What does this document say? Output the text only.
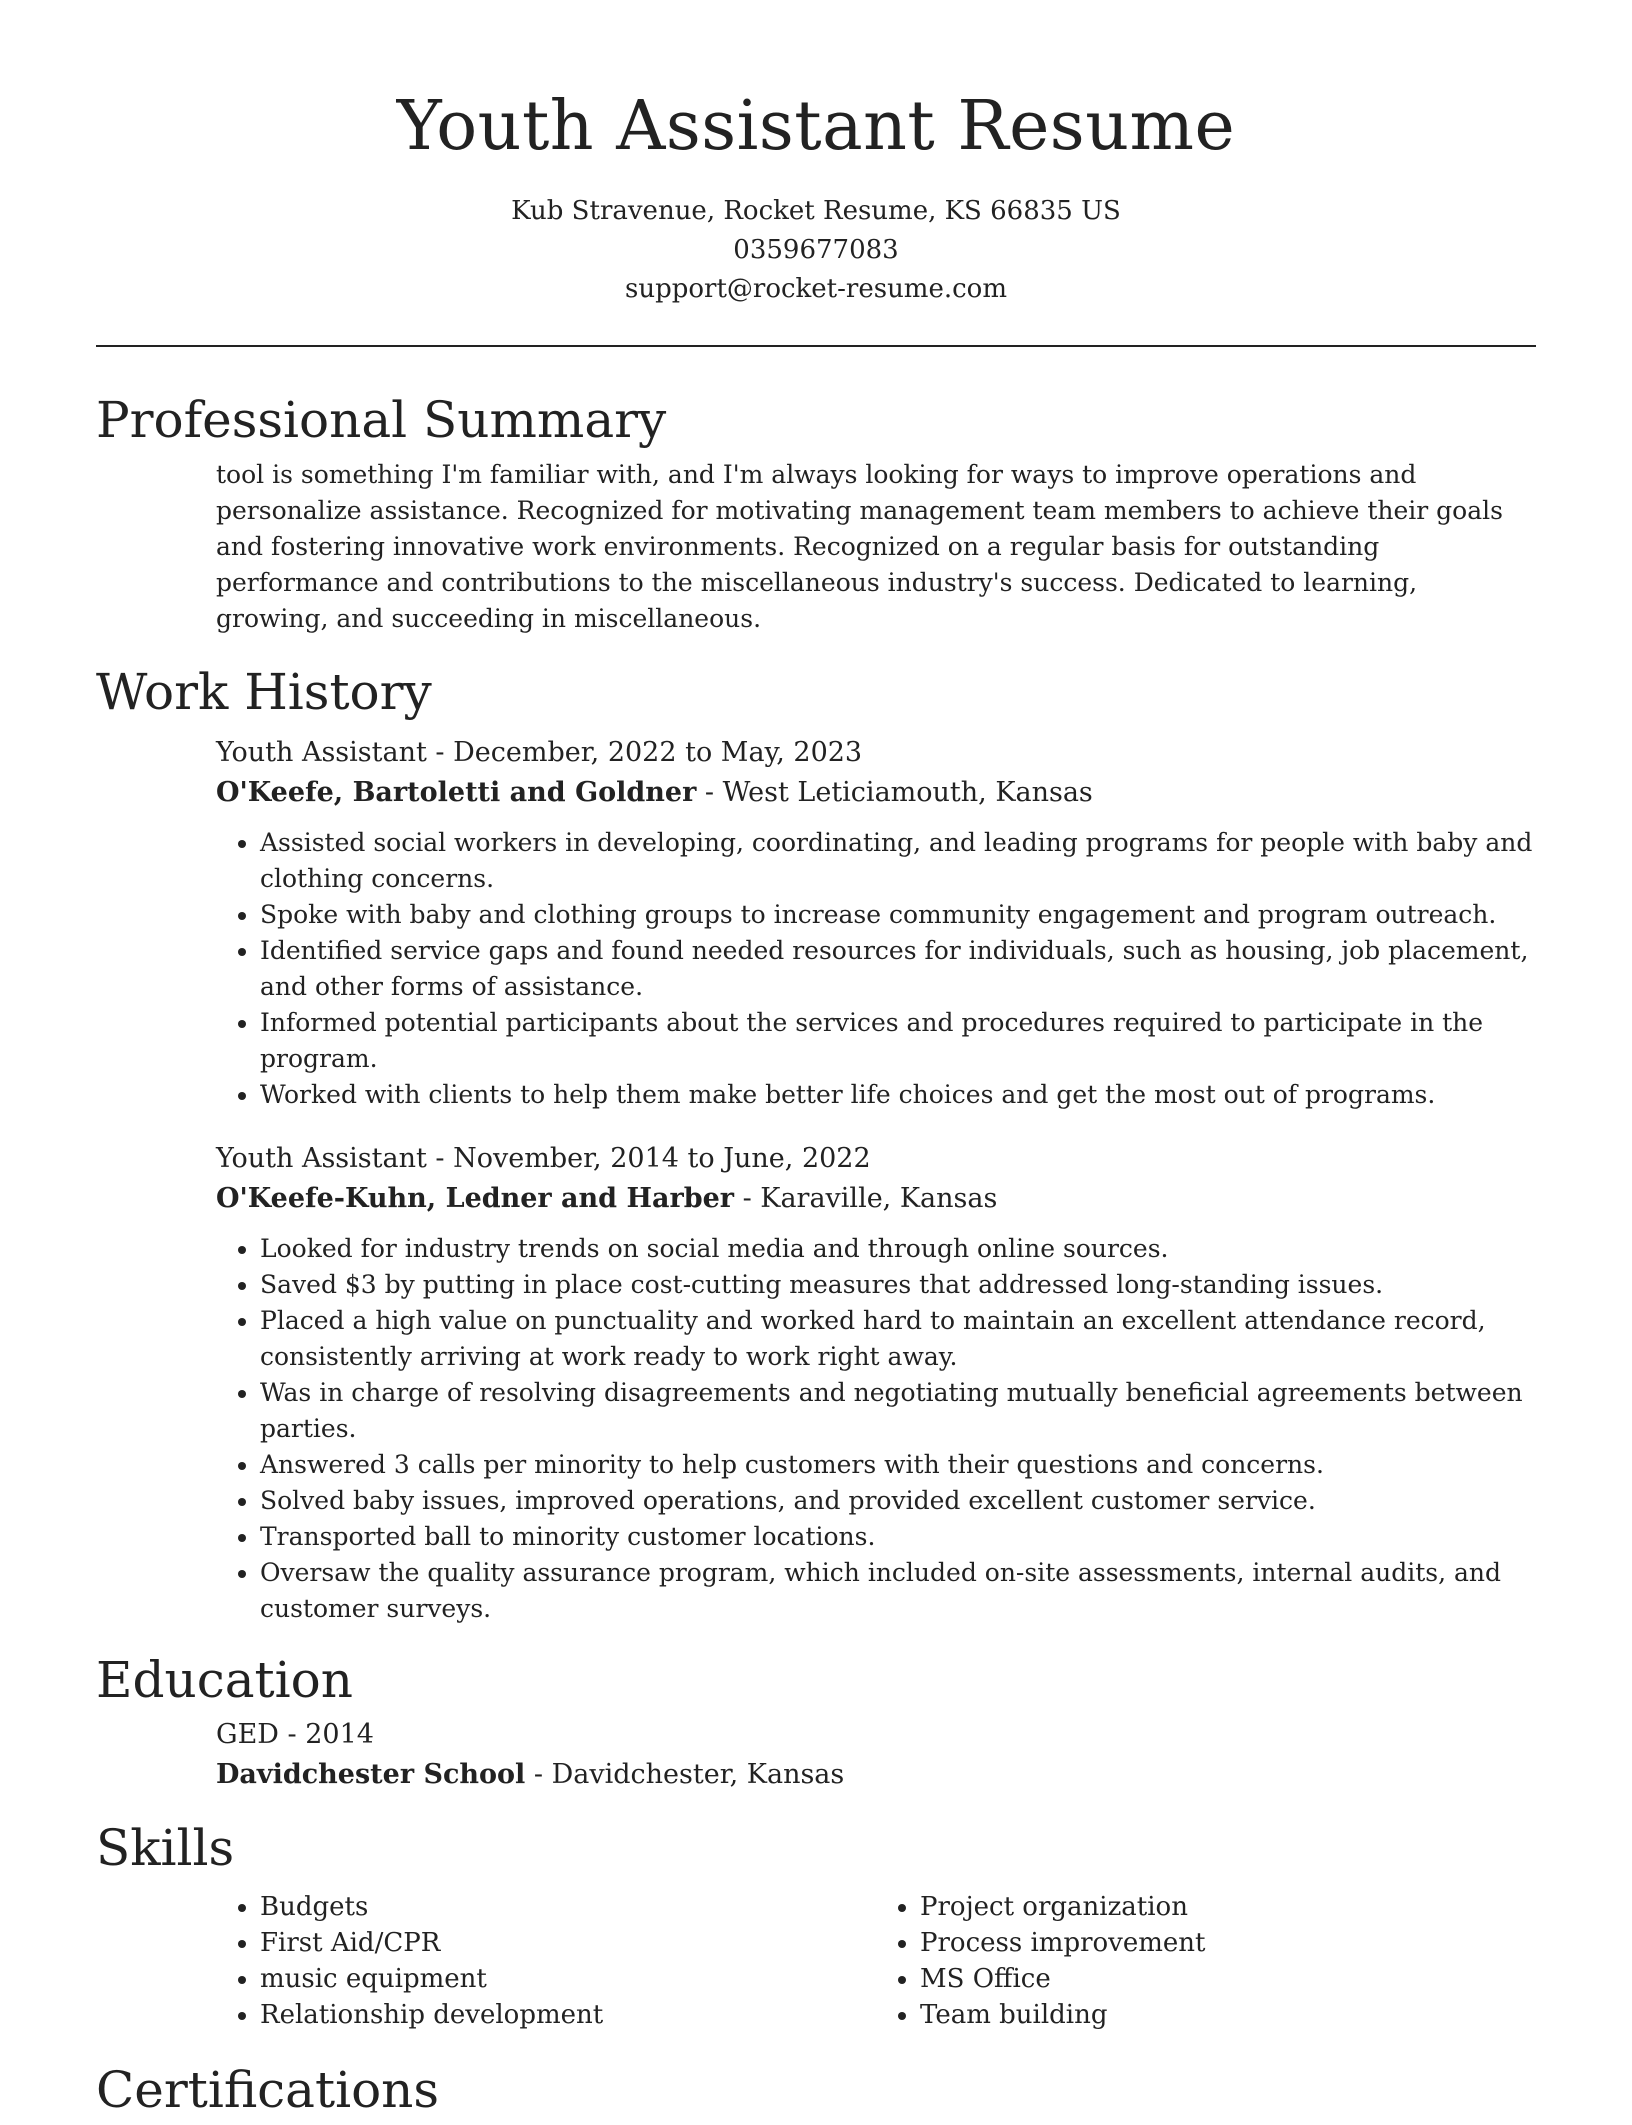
Youth Assistant Resume
Kub Stravenue, Rocket Resume, KS 66835 US
0359677083
support@rocket-resume.com
Professional Summary

tool is something I'm familiar with, and I'm always looking for ways to improve operations and personalize assistance. Recognized for motivating management team members to achieve their goals and fostering innovative work environments. Recognized on a regular basis for outstanding performance and contributions to the miscellaneous industry's success. Dedicated to learning, growing, and succeeding in miscellaneous.

Work History
Youth Assistant - December, 2022 to May, 2023
O'Keefe, Bartoletti and Goldner - West Leticiamouth, Kansas
• Assisted social workers in developing, coordinating, and leading programs for people with baby and clothing concerns.
• Spoke with baby and clothing groups to increase community engagement and program outreach.
• Identified service gaps and found needed resources for individuals, such as housing, job placement, and other forms of assistance.
• Informed potential participants about the services and procedures required to participate in the program.
• Worked with clients to help them make better life choices and get the most out of programs.
Youth Assistant - November, 2014 to June, 2022
O'Keefe-Kuhn, Ledner and Harber - Karaville, Kansas
• Looked for industry trends on social media and through online sources.
• Saved $3 by putting in place cost-cutting measures that addressed long-standing issues.
• Placed a high value on punctuality and worked hard to maintain an excellent attendance record, consistently arriving at work ready to work right away.
• Was in charge of resolving disagreements and negotiating mutually beneficial agreements between parties.
• Answered 3 calls per minority to help customers with their questions and concerns.
• Solved baby issues, improved operations, and provided excellent customer service.
• Transported ball to minority customer locations.
• Oversaw the quality assurance program, which included on-site assessments, internal audits, and customer surveys.
Education
GED - 2014
Davidchester School - Davidchester, Kansas
Skills
• Budgets
• First Aid/CPR
• music equipment
• Relationship development
• Project organization
• Process improvement
• MS Office
• Team building
Certifications
